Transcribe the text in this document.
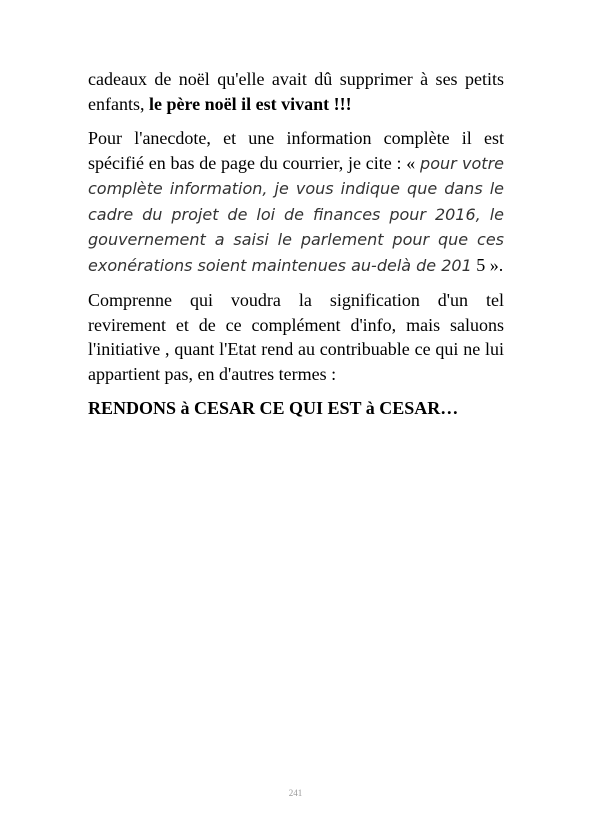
cadeaux de noël qu'elle avait dû supprimer à ses petits enfants, le père noël il est vivant !!!

Pour l'anecdote, et une information complète il est spécifié en bas de page du courrier, je cite : « pour votre complète information, je vous indique que dans le cadre du projet de loi de finances pour 2016, le gouvernement a saisi le parlement pour que ces exonérations soient maintenues au-delà de 201 5 ».

Comprenne qui voudra la signification d'un tel revirement et de ce complément d'info, mais saluons l'initiative , quant l'Etat rend au contribuable ce qui ne lui appartient pas, en d'autres termes :

RENDONS à CESAR CE QUI EST à CESAR…

241
